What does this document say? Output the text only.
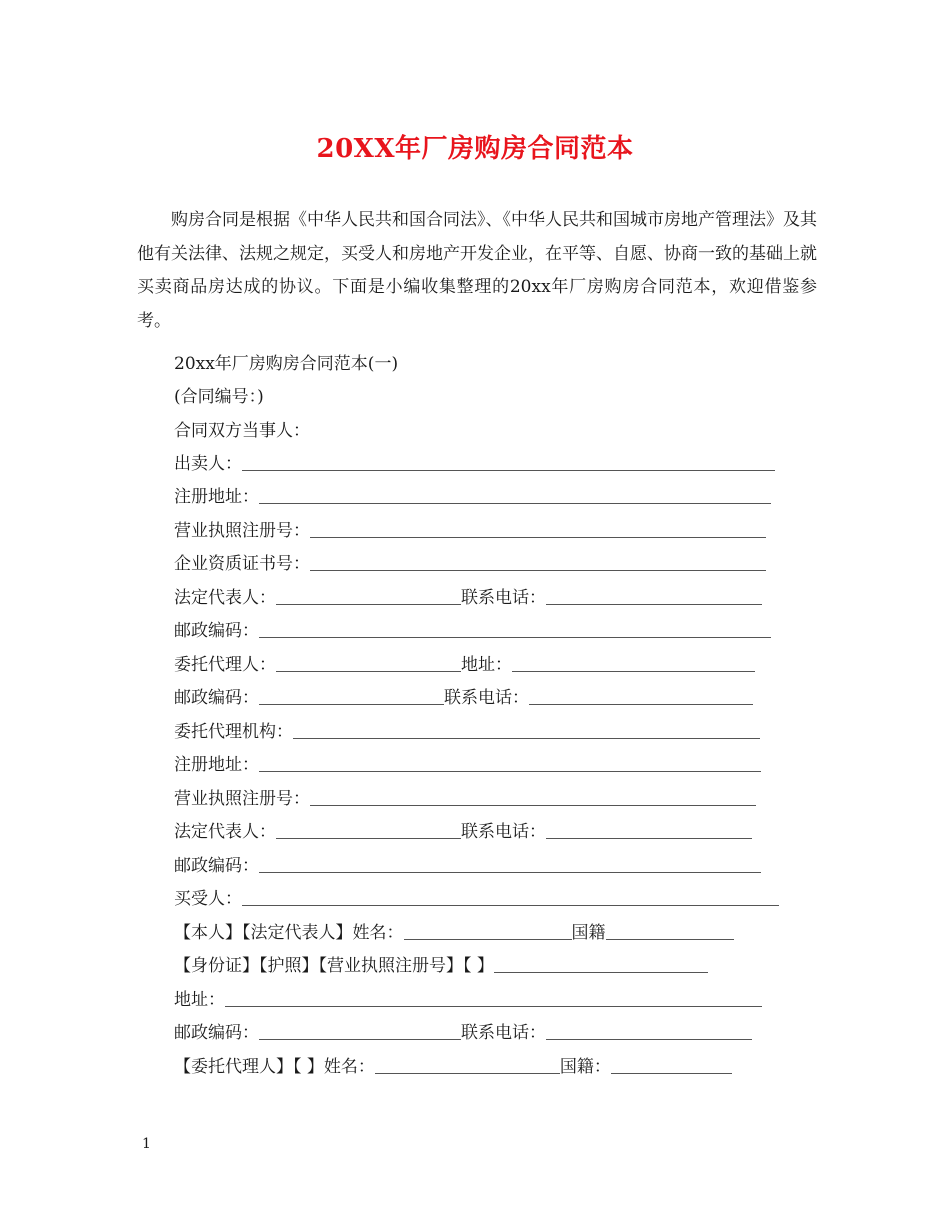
20XX年厂房购房合同范本

购房合同是根据《中华人民共和国合同法》、《中华人民共和国城市房地产管理法》及其他有关法律、法规之规定，买受人和房地产开发企业，在平等、自愿、协商一致的基础上就买卖商品房达成的协议。下面是小编收集整理的20xx年厂房购房合同范本，欢迎借鉴参考。

20xx年厂房购房合同范本(一)
(合同编号：)
合同双方当事人：
出卖人：
注册地址：
营业执照注册号：
企业资质证书号：
法定代表人：	联系电话：
邮政编码：
委托代理人：	地址：
邮政编码：	联系电话：
委托代理机构：
注册地址：
营业执照注册号：
法定代表人：	联系电话：
邮政编码：
买受人：
【本人】【法定代表人】姓名：	国籍
【身份证】【护照】【营业执照注册号】【 】
地址：
邮政编码：	联系电话：
【委托代理人】【 】姓名：	国籍：
1
